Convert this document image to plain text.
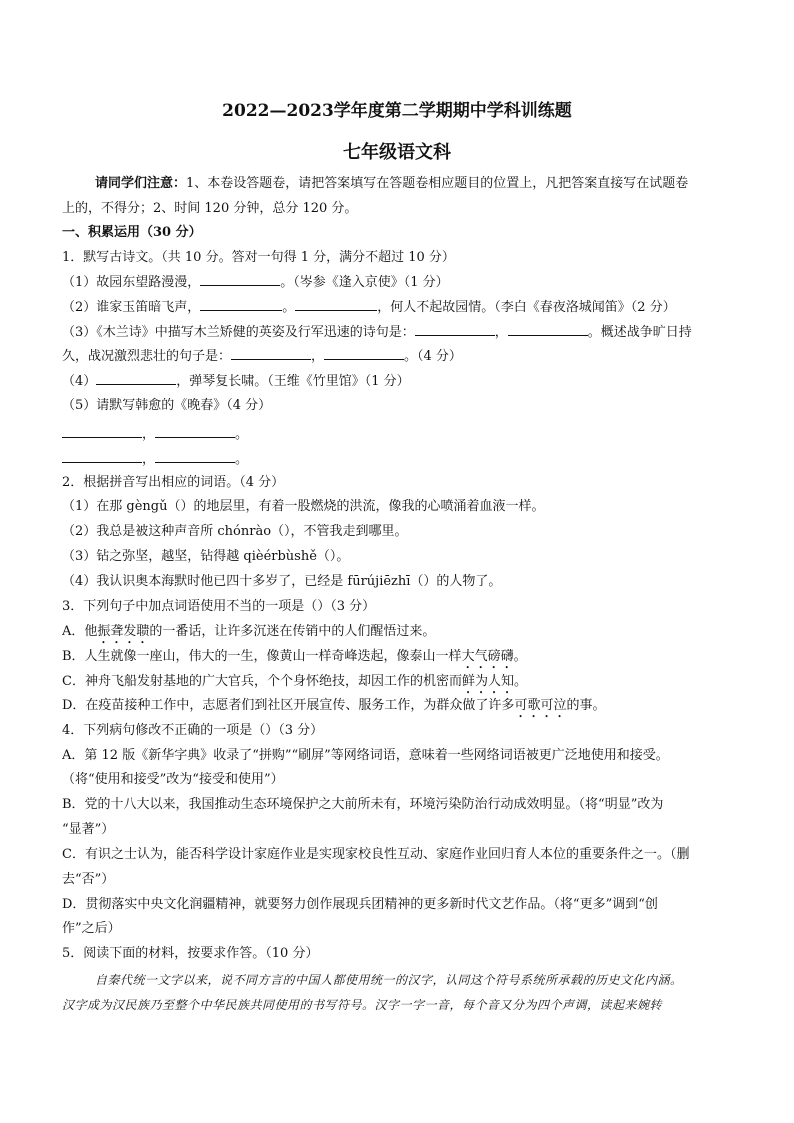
2022—2023学年度第二学期期中学科训练题
七年级语文科
请同学们注意：1、本卷设答题卷，请把答案填写在答题卷相应题目的位置上，凡把答案直接写在试题卷
上的，不得分；2、时间 120 分钟，总分 120 分。
一、积累运用（30 分）
1．默写古诗文。（共 10 分。答对一句得 1 分，满分不超过 10 分）
（1）故园东望路漫漫，	。（岑参《逢入京使》（1 分）
（2）谁家玉笛暗飞声，	。	，何人不起故园情。（李白《春夜洛城闻笛》（2 分）
（3）《木兰诗》中描写木兰矫健的英姿及行军迅速的诗句是：	，	。概述战争旷日持
久，战况激烈悲壮的句子是：	，	。（4 分）
（4）	，弹琴复长啸。（王维《竹里馆》（1 分）
（5）请默写韩愈的《晚春》（4 分）
，	。
，	。
2．根据拼音写出相应的词语。（4 分）
（1）在那 gèngǔ（）的地层里，有着一股燃烧的洪流，像我的心喷涌着血液一样。
（2）我总是被这种声音所 chónrào（），不管我走到哪里。
（3）钻之弥坚，越坚，钻得越 qièérbùshě（）。
（4）我认识奥本海默时他已四十多岁了，已经是 fūrújiēzhī（）的人物了。
3．下列句子中加点词语使用不当的一项是（）（3 分）
A．他振聋发聩的一番话，让许多沉迷在传销中的人们醒悟过来。
B．人生就像一座山，伟大的一生，像黄山一样奇峰迭起，像泰山一样大气磅礴。
C．神舟飞船发射基地的广大官兵，个个身怀绝技，却因工作的机密而鲜为人知。
D．在疫苗接种工作中，志愿者们到社区开展宣传、服务工作，为群众做了许多可歌可泣的事。
4．下列病句修改不正确的一项是（）（3 分）
A．第 12 版《新华字典》收录了“拼购”“刷屏”等网络词语，意味着一些网络词语被更广泛地使用和接受。
（将“使用和接受”改为“接受和使用”）
B．党的十八大以来，我国推动生态环境保护之大前所未有，环境污染防治行动成效明显。（将“明显”改为
“显著”）
C．有识之士认为，能否科学设计家庭作业是实现家校良性互动、家庭作业回归育人本位的重要条件之一。（删
去“否”）
D．贯彻落实中央文化润疆精神，就要努力创作展现兵团精神的更多新时代文艺作品。（将“更多”调到“创
作”之后）
5．阅读下面的材料，按要求作答。（10 分）
自秦代统一文字以来，说不同方言的中国人都使用统一的汉字，认同这个符号系统所承载的历史文化内涵。
汉字成为汉民族乃至整个中华民族共同使用的书写符号。汉字一字一音，每个音又分为四个声调，读起来婉转
